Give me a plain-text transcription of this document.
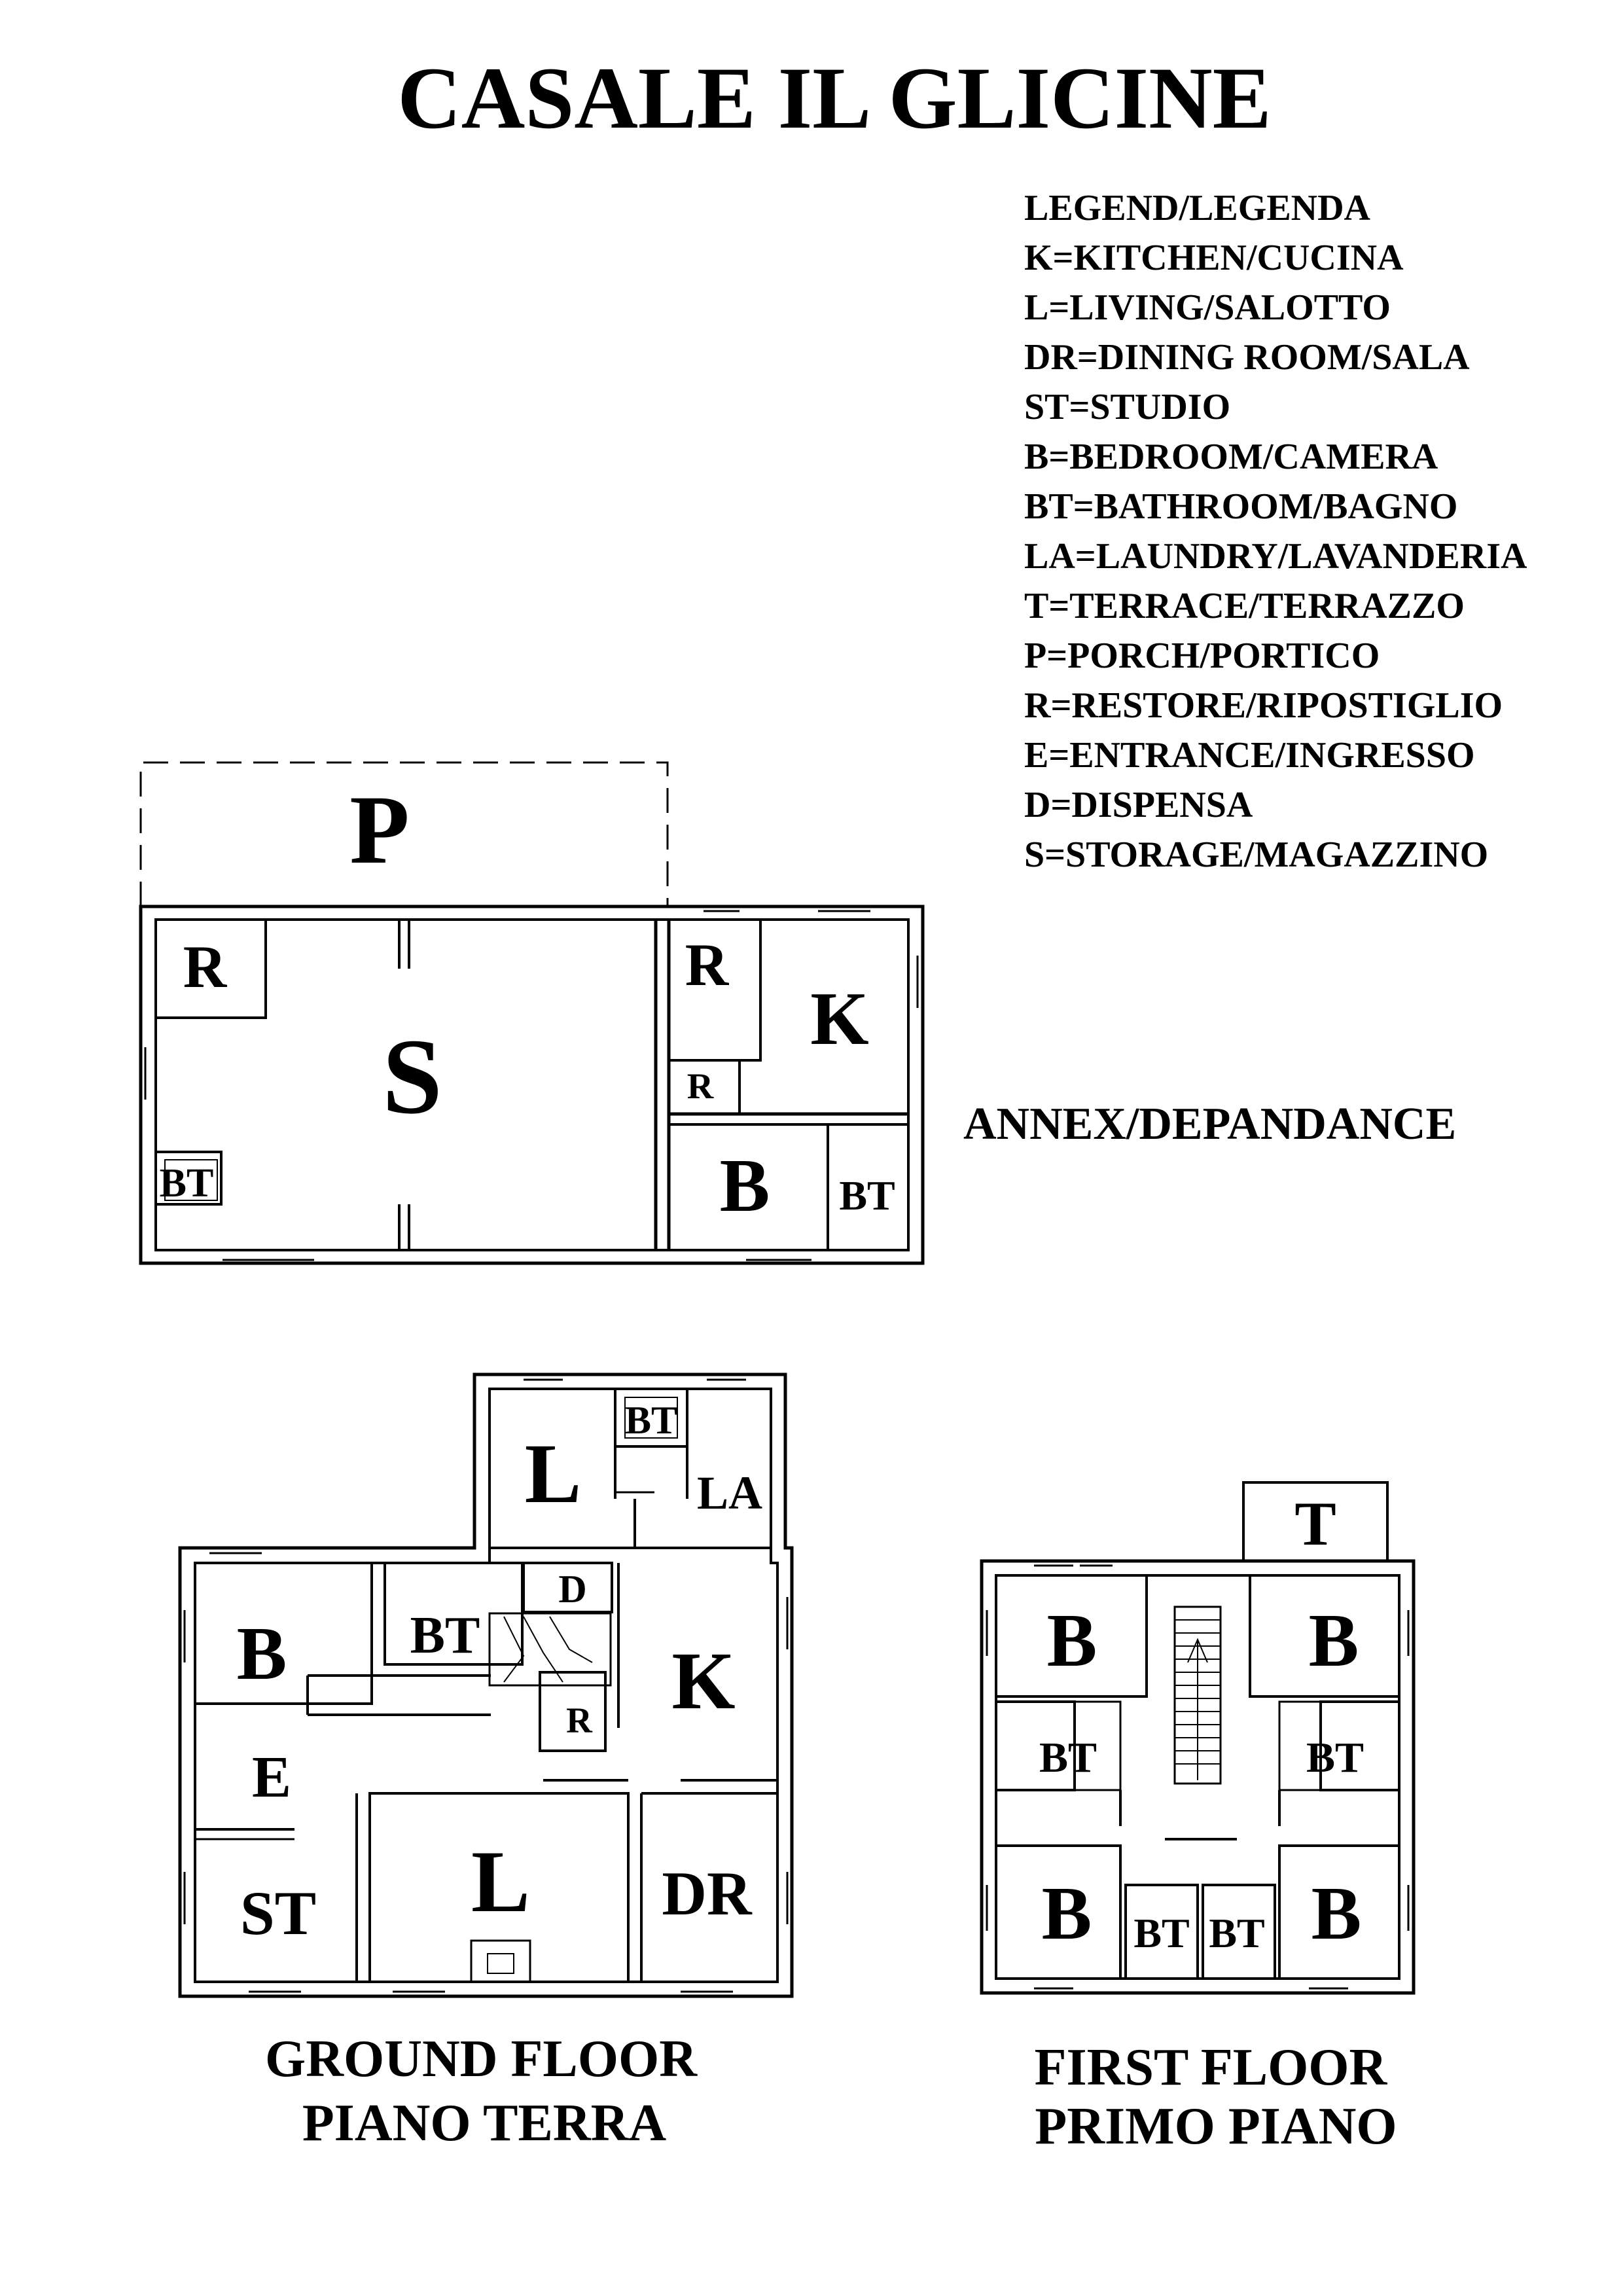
CASALE IL GLICINE
P
R
S
BT
R
K
R
B BT
ANNEX/DEPANDANCE
L
BT
LA
B BT
D
K
R
E
ST L DR
GROUND FLOOR
PIANO TERRA
T
B	B
BT	BT
B BT BT B
FIRST FLOOR
PRIMO PIANO
LEGEND/LEGENDA
K=KITCHEN/CUCINA
L=LIVING/SALOTTO
DR=DINING ROOM/SALA
ST=STUDIO
B=BEDROOM/CAMERA
BT=BATHROOM/BAGNO
LA=LAUNDRY/LAVANDERIA
T=TERRACE/TERRAZZO
P=PORCH/PORTICO
R=RESTORE/RIPOSTIGLIO
E=ENTRANCE/INGRESSO
D=DISPENSA
S=STORAGE/MAGAZZINO
